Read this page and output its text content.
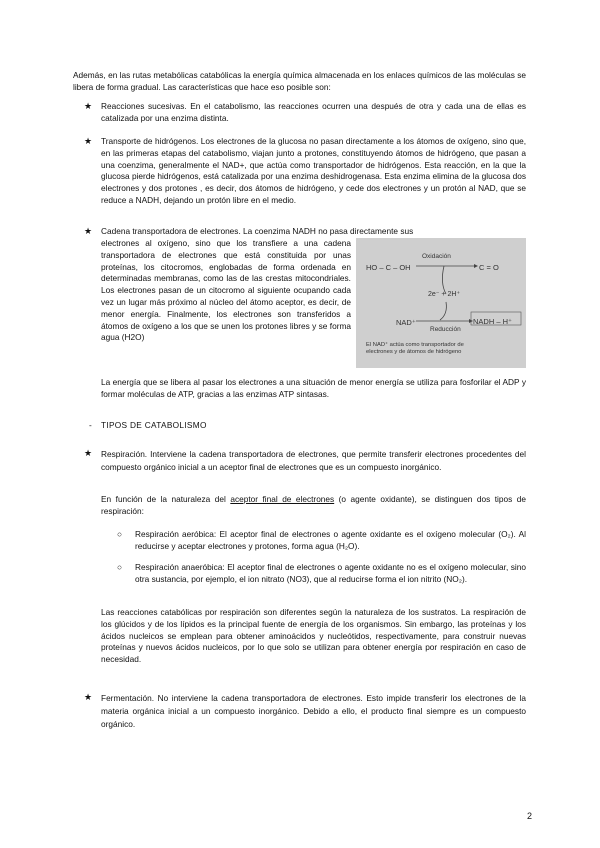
Además, en las rutas metabólicas catabólicas la energía química almacenada en los enlaces químicos de las moléculas se libera de forma gradual. Las características que hace eso posible son:
★ Reacciones sucesivas. En el catabolismo, las reacciones ocurren una después de otra y cada una de ellas es catalizada por una enzima distinta.
★ Transporte de hidrógenos. Los electrones de la glucosa no pasan directamente a los átomos de oxígeno, sino que, en las primeras etapas del catabolismo, viajan junto a protones, constituyendo átomos de hidrógeno, que pasan a una coenzima, generalmente el NAD+, que actúa como transportador de hidrógenos. Esta reacción, en la que la glucosa pierde hidrógenos, está catalizada por una enzima deshidrogenasa. Esta enzima elimina de la glucosa dos electrones y dos protones , es decir, dos átomos de hidrógeno, y cede dos electrones y un protón al NAD, que se reduce a NADH, dejando un protón libre en el medio.
★ Cadena transportadora de electrones. La coenzima NADH no pasa directamente sus
electrones al oxígeno, sino que los transfiere a una cadena transportadora de electrones que está constituida por unas proteínas, los citocromos, englobadas de forma ordenada en determinadas membranas, como las de las crestas mitocondriales. Los electrones pasan de un citocromo al siguiente ocupando cada vez un lugar más próximo al núcleo del átomo aceptor, es decir, de menor energía. Finalmente, los electrones son transferidos a átomos de oxígeno a los que se unen los protones libres y se forma agua (H2O)
HO – C – OH
Oxidación
C = O
2e⁻ + 2H⁺
NAD⁺
Reducción
NADH – H⁺
El NAD⁺ actúa como transportador de electrones y de átomos de hidrógeno
La energía que se libera al pasar los electrones a una situación de menor energía se utiliza para fosforilar el ADP y formar moléculas de ATP, gracias a las enzimas ATP sintasas.
- TIPOS DE CATABOLISMO
★ Respiración. Interviene la cadena transportadora de electrones, que permite transferir electrones procedentes del compuesto orgánico inicial a un aceptor final de electrones que es un compuesto inorgánico.
En función de la naturaleza del aceptor final de electrones (o agente oxidante), se distinguen dos tipos de respiración:
○ Respiración aeróbica: El aceptor final de electrones o agente oxidante es el oxígeno molecular (O₂). Al reducirse y aceptar electrones y protones, forma agua (H₂O).
○ Respiración anaeróbica: El aceptor final de electrones o agente oxidante no es el oxígeno molecular, sino otra sustancia, por ejemplo, el ion nitrato (NO3), que al reducirse forma el ion nitrito (NO₂).
Las reacciones catabólicas por respiración son diferentes según la naturaleza de los sustratos. La respiración de los glúcidos y de los lípidos es la principal fuente de energía de los organismos. Sin embargo, las proteínas y los ácidos nucleicos se emplean para obtener aminoácidos y nucleótidos, respectivamente, para construir nuevas proteínas y nuevos ácidos nucleicos, por lo que solo se utilizan para obtener energía por respiración en caso de necesidad.
★ Fermentación. No interviene la cadena transportadora de electrones. Esto impide transferir los electrones de la materia orgánica inicial a un compuesto inorgánico. Debido a ello, el producto final siempre es un compuesto orgánico.
2
